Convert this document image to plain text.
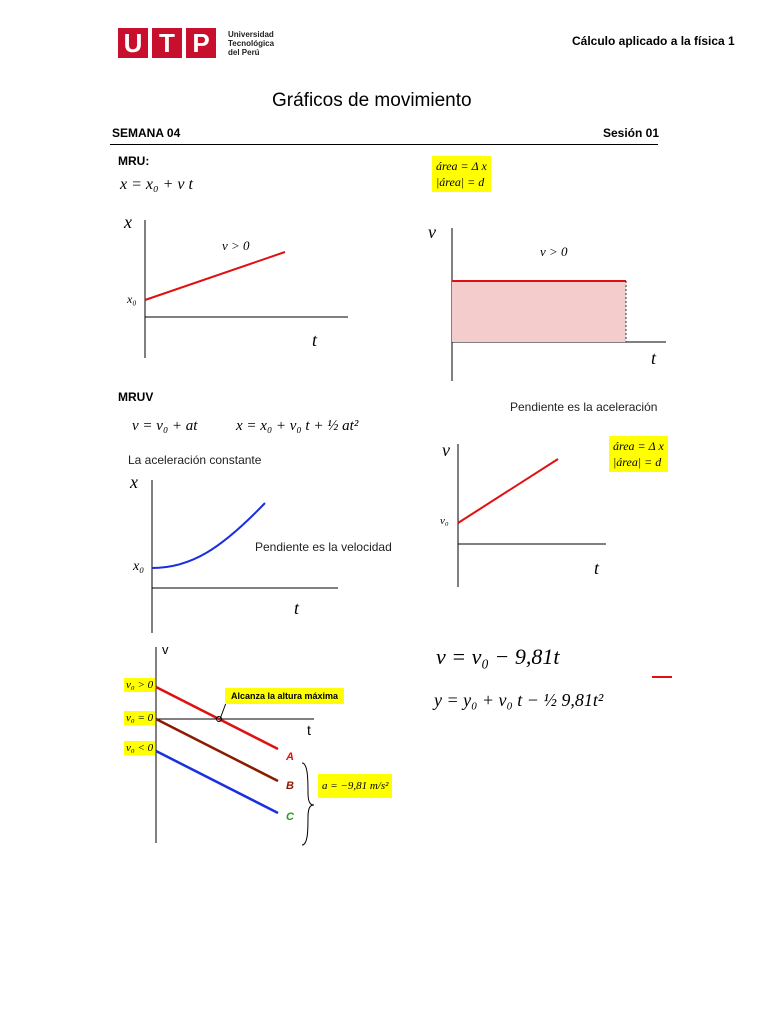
U T P	Universidad
Tecnológica
del Perú
Cálculo aplicado a la física 1
Gráficos de movimiento
SEMANA 04	Sesión 01
MRU:
x = x₀ + v t
área = Δ x
|área| = d
x
t
x₀
v > 0
v
t
v > 0
MRUV
v = v₀ + at	x = x₀ + v₀ t + ½ at²
La aceleración constante
Pendiente es la aceleración
área = Δ x
|área| = d
x
t
x₀
Pendiente es la velocidad
v
t
v₀
v
t
v₀ > 0
v₀ = 0
v₀ < 0
Alcanza la altura máxima
A
B
C
a = −9,81 m/s²
v = v₀ − 9,81t
y = y₀ + v₀ t − ½ 9,81t²
